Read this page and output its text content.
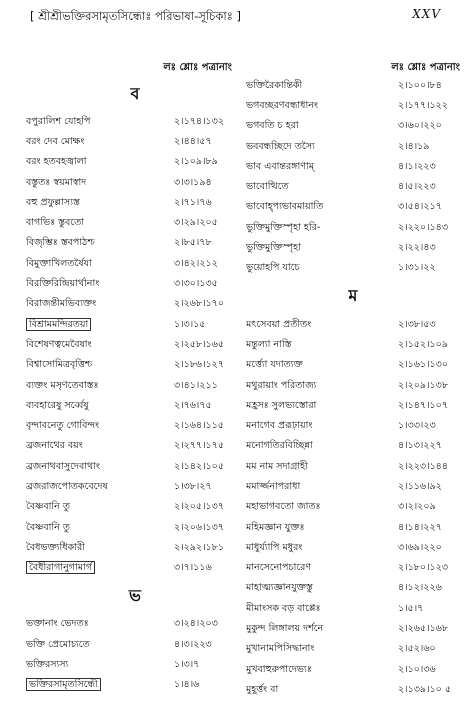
[ শ্রীশ্রীভক্তিরসামৃতসিন্ধোঃ পরিভাষা-সূচিকাঃ ]	XXV
লঃ শ্লোঃ পত্রানাং
ব
বপুরালিশ যোহপি	২।১৭৪।১৩২
বরং দেব মোক্ষং	২।৪৪।৫৭
বরং হতবহজ্বালা	২।১০৯।৮৯
বস্তুতঃ স্বয়মাস্বাদ	৩।৩।১৯৪
বহু প্রফুল্লাস্যস্ত	২।৭১।৭৬
বাগভিঃ স্তুবতো	৩।২৯।২০৫
বিজৃম্ভিঃ স্তবপাঠশ্চ	২।৮৫।৭৮
বিমুক্তাখিলতর্ষৈযা	৩।৪২।২১২
বিরক্তিরিন্দ্রিয়ার্থানাং	৩।৩০।১৩৫
বিরাজন্তীমভিব্যক্তং	২।২৬৮।১৭০
বিশ্রামমন্দিরতয়া	১।৩।১৫
বিশেষণত্বমেবৈষাং	২।২৫৮।১৬৫
বিশ্বাসোমিত্রবৃত্তিশ্চ	২।১৮৬।১২৭
ব্যক্তং মসৃণতেবাস্তঃ	৩।৪১।২১১
ব্যবহারেষু সর্ব্বেষু	২।৭৬।৭৫
বৃন্দাবনেতু গোবিন্দং	২।১৬৪।১১৫
ব্রজনাথের বয়ং	২।২৭৭।১৭৫
ব্রজনাথবাসুদেবাথাং	২।১৪২।১০৫
ব্রজরাজপোতকবেদেষ	১।৩৮।২৭
বৈষ্ণবানি তু	২।২০৫।১৩৭
বৈষ্ণবানি তু	২।২০৬।১৩৭
বৈধভক্ত্যধিকারী	২।২৯২।১৮১
বৈধীরাগানুগামার্গ	৩।৭।১১৬
ভ
ভক্তানাং ভেদতঃ	৩।২৪।২০৩
ভক্তি প্রেমোচ্যতে	৪।৩।২২৩
ভক্তিরস্যস্য	১।৩।৭
ভক্তিরসামৃতসিন্ধৌ	১।৪।৬
লঃ শ্লোঃ পত্রানাং
ভক্তিরৈকান্তিকী	২।১০০।৮৪
ভগবচ্ছরণবন্ধাধানং	২।১৭৭।১২২
ভগবতি চ হরা	৩।৬০।২২০
ভববন্ধচ্ছিদে তস্যৈ	২।৪।১৯
ভাব এবান্তরঙ্গাণাম্	৪।১।২২৩
ভাবোত্থিতে	৪।৫।২২৩
ভাবোহ্প্যভাবমায়াতি	৩।৫৪।২১৭
ভুক্তিমুক্তিস্পৃহা হরি-	২।২২০।১৪৩
ভুক্তিমুক্তিস্পৃহা	২।২২।৪৩
ভুয়োহপি যাচে	১।৩১।২২
ম
মৎসেবয়া প্রতীতং	২।৩৮।৫৩
মন্তুল্যা নাস্তি	২।১৫২।১০৯
মর্ত্ত্যো যদাত্যক্ত	২।১৬১।১৩০
মথুরায়াং পরিতাজ্য	২।২০৯।১৩৮
মহ্রসঃ সুলভ্যস্তোরা	২।১৪৭।১০৭
মনাগেব প্ররূঢ়ায়াং	১।৩৩।২৩
মনোগতিরবিচ্ছিন্না	৪।১৩।২২৭
মম নাম সদাগ্রাহী	২।২২৩।১৪৪
মমার্জ্জনাপরাধা	২।১১৬।৯২
মহাভাগবতো জাতঃ	৩।২।২০৯
মহিমজ্ঞান যুক্তঃ	৪।১৪।২২৭
মাধুর্য্যাপি মধুরং	৩।৬৯।২২০
মানসেনোপচারেণ	২।১৮০।১২৩
মাহাত্ম্যজ্ঞানযুক্তস্তু	৪।১২।২২৬
মীমাংসক বড় বাপ্পেঃ	১।৫।৭
মুকুন্দ লিঙ্গালয় দর্শনে	২।২৬৫।১৬৮
মুখানামপিসিদ্ধানাং	২।৫২।৬০
মুখবাহুরুপাদেভ্যঃ	২।১০।৩৬
মুহূর্ত্তং বা	২।১৩৯।১০ ৫
